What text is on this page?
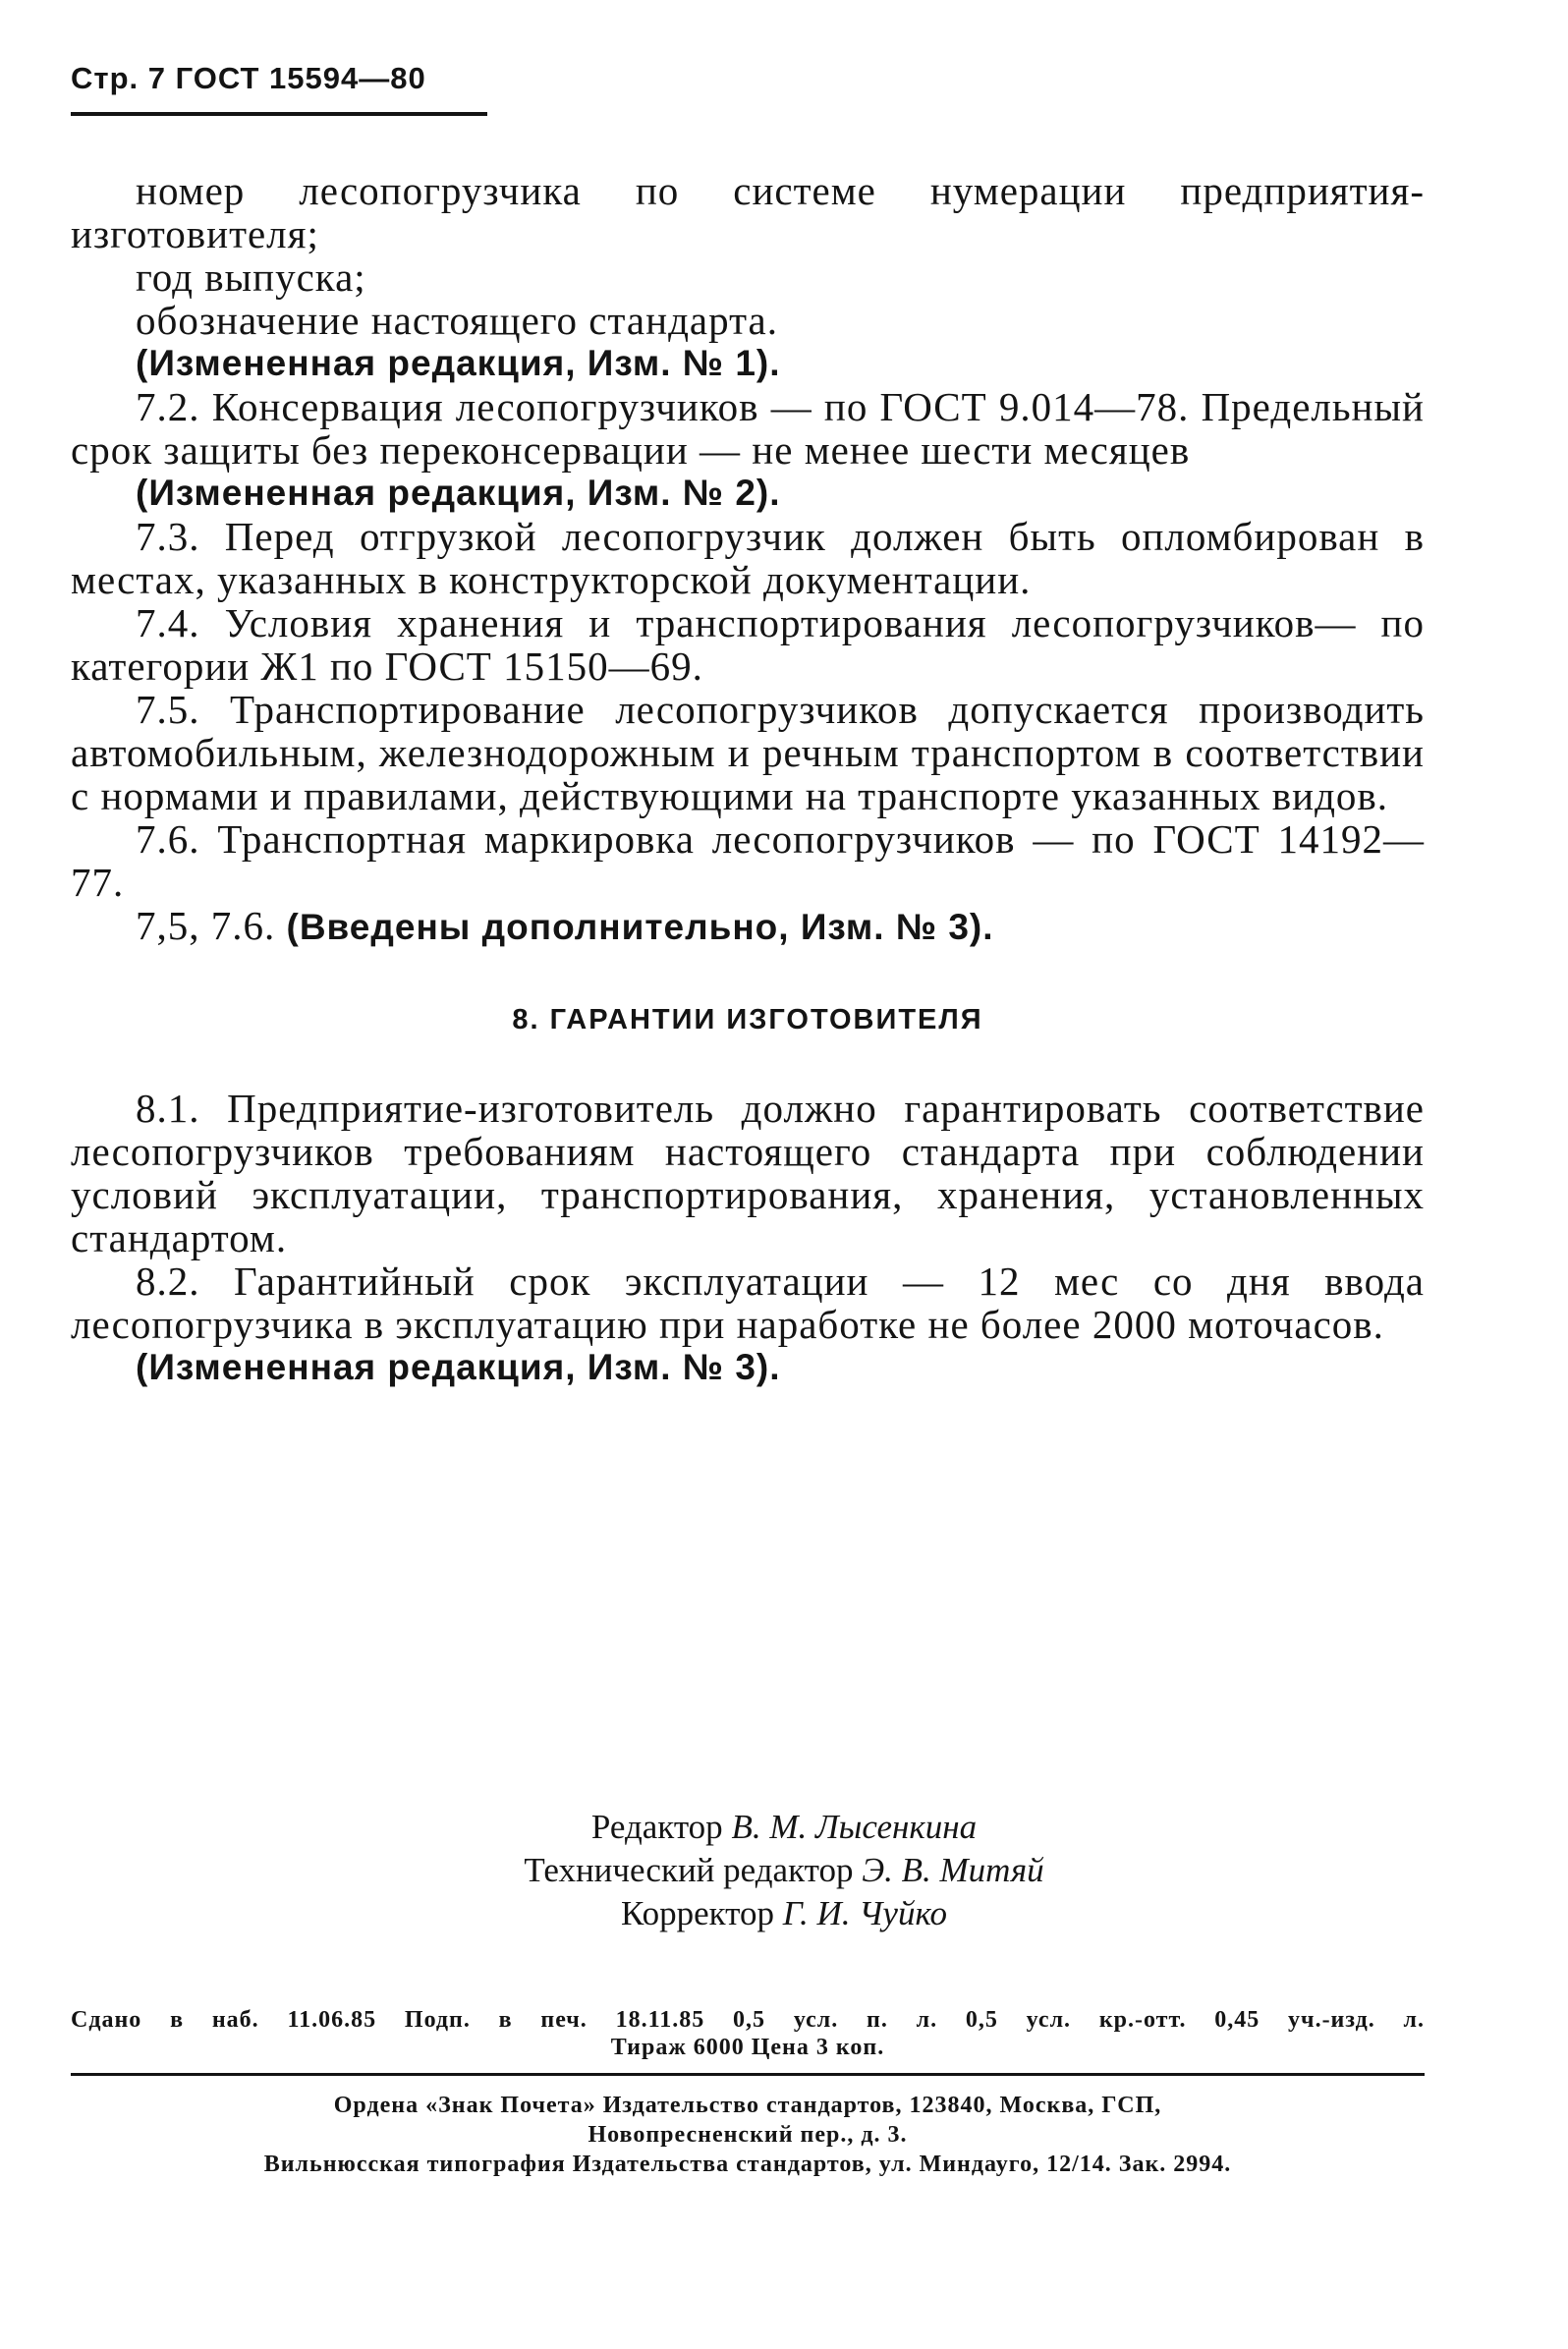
Стр. 7 ГОСТ 15594—80

номер лесопогрузчика по системе нумерации предприятия-изготовителя;

год выпуска;

обозначение настоящего стандарта.

(Измененная редакция, Изм. № 1).

7.2. Консервация лесопогрузчиков — по ГОСТ 9.014—78. Предельный срок защиты без переконсервации — не менее шести месяцев

(Измененная редакция, Изм. № 2).

7.3. Перед отгрузкой лесопогрузчик должен быть опломбирован в местах, указанных в конструкторской документации.

7.4. Условия хранения и транспортирования лесопогрузчиков— по категории Ж1 по ГОСТ 15150—69.

7.5. Транспортирование лесопогрузчиков допускается производить автомобильным, железнодорожным и речным транспортом в соответствии с нормами и правилами, действующими на транспорте указанных видов.

7.6. Транспортная маркировка лесопогрузчиков — по ГОСТ 14192—77.

7,5, 7.6. (Введены дополнительно, Изм. № 3).

8. ГАРАНТИИ ИЗГОТОВИТЕЛЯ

8.1. Предприятие-изготовитель должно гарантировать соответствие лесопогрузчиков требованиям настоящего стандарта при соблюдении условий эксплуатации, транспортирования, хранения, установленных стандартом.

8.2. Гарантийный срок эксплуатации — 12 мес со дня ввода лесопогрузчика в эксплуатацию при наработке не более 2000 моточасов.

(Измененная редакция, Изм. № 3).

Редактор В. М. Лысенкина

Технический редактор Э. В. Митяй

Корректор Г. И. Чуйко

Сдано в наб. 11.06.85 Подп. в печ. 18.11.85 0,5 усл. п. л. 0,5 усл. кр.-отт. 0,45 уч.-изд. л.
Тираж 6000 Цена 3 коп.

Ордена «Знак Почета» Издательство стандартов, 123840, Москва, ГСП,

Новопресненский пер., д. 3.

Вильнюсская типография Издательства стандартов, ул. Миндауго, 12/14. Зак. 2994.
